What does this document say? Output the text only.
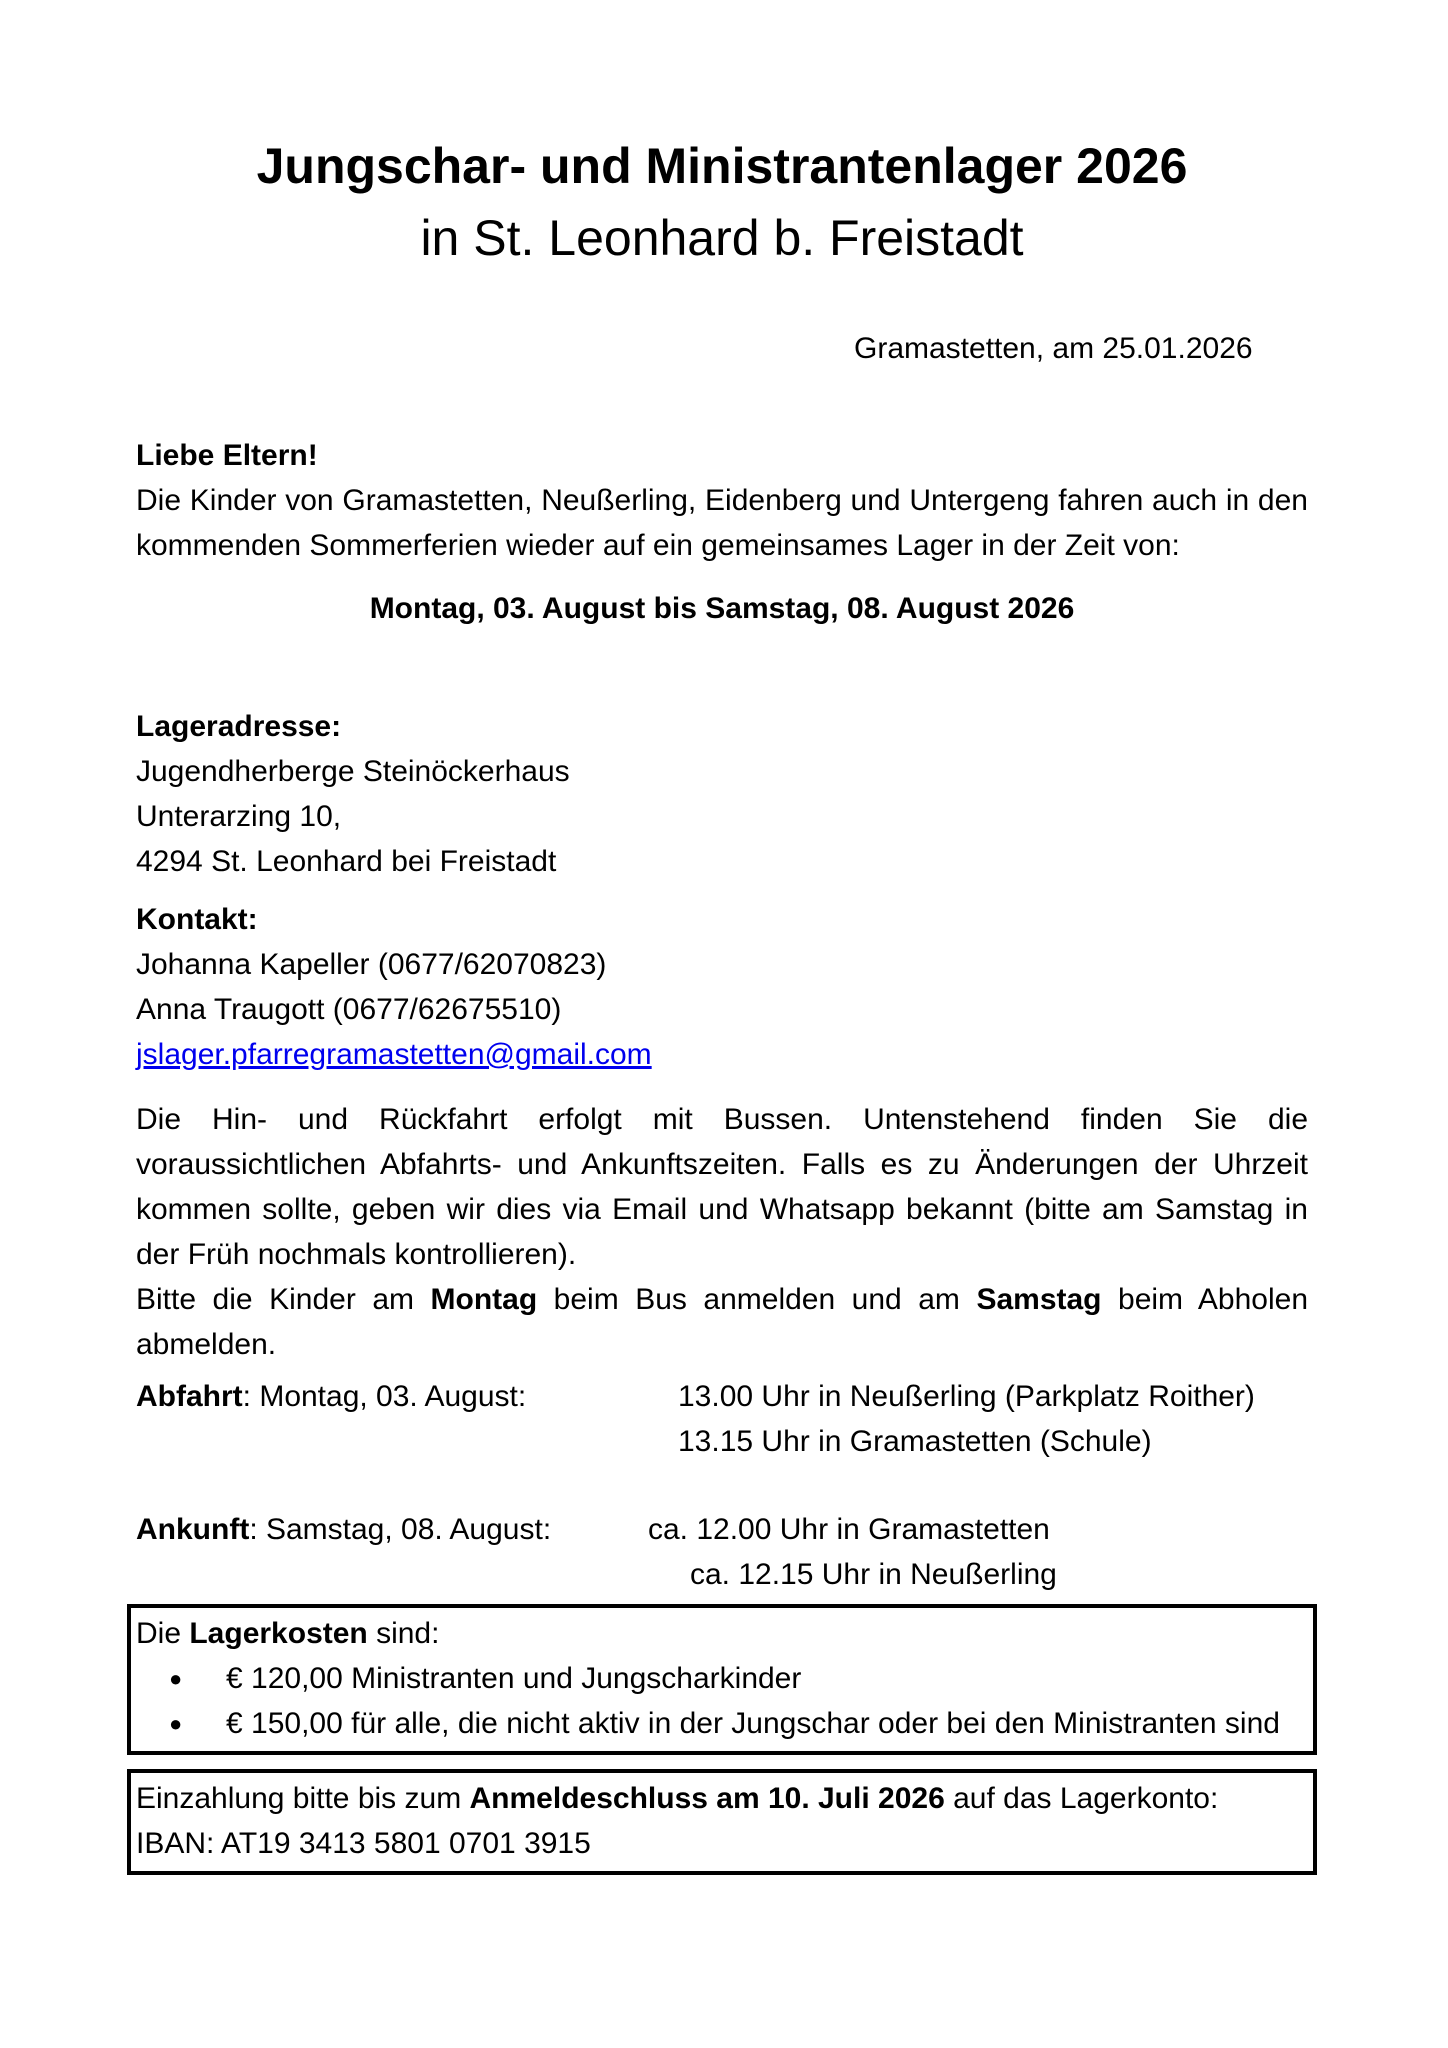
Jungschar- und Ministrantenlager 2026
in St. Leonhard b. Freistadt

Gramastetten, am 25.01.2026

Liebe Eltern!

Die Kinder von Gramastetten, Neußerling, Eidenberg und Untergeng fahren auch in den kommenden Sommerferien wieder auf ein gemeinsames Lager in der Zeit von:

Montag, 03. August bis Samstag, 08. August 2026

Lageradresse:

Jugendherberge Steinöckerhaus

Unterarzing 10,

4294 St. Leonhard bei Freistadt

Kontakt:

Johanna Kapeller (0677/62070823)

Anna Traugott (0677/62675510)

jslager.pfarregramastetten@gmail.com

Die Hin- und Rückfahrt erfolgt mit Bussen. Untenstehend finden Sie die voraussichtlichen Abfahrts- und Ankunftszeiten. Falls es zu Änderungen der Uhrzeit kommen sollte, geben wir dies via Email und Whatsapp bekannt (bitte am Samstag in der Früh nochmals kontrollieren).

Bitte die Kinder am Montag beim Bus anmelden und am Samstag beim Abholen abmelden.

Abfahrt: Montag, 03. August:	13.00 Uhr in Neußerling (Parkplatz Roither)
13.15 Uhr in Gramastetten (Schule)
Ankunft: Samstag, 08. August:	ca. 12.00 Uhr in Gramastetten
ca. 12.15 Uhr in Neußerling

Die Lagerkosten sind:

●	€ 120,00 Ministranten und Jungscharkinder
●	€ 150,00 für alle, die nicht aktiv in der Jungschar oder bei den Ministranten sind

Einzahlung bitte bis zum Anmeldeschluss am 10. Juli 2026 auf das Lagerkonto:

IBAN: AT19 3413 5801 0701 3915
